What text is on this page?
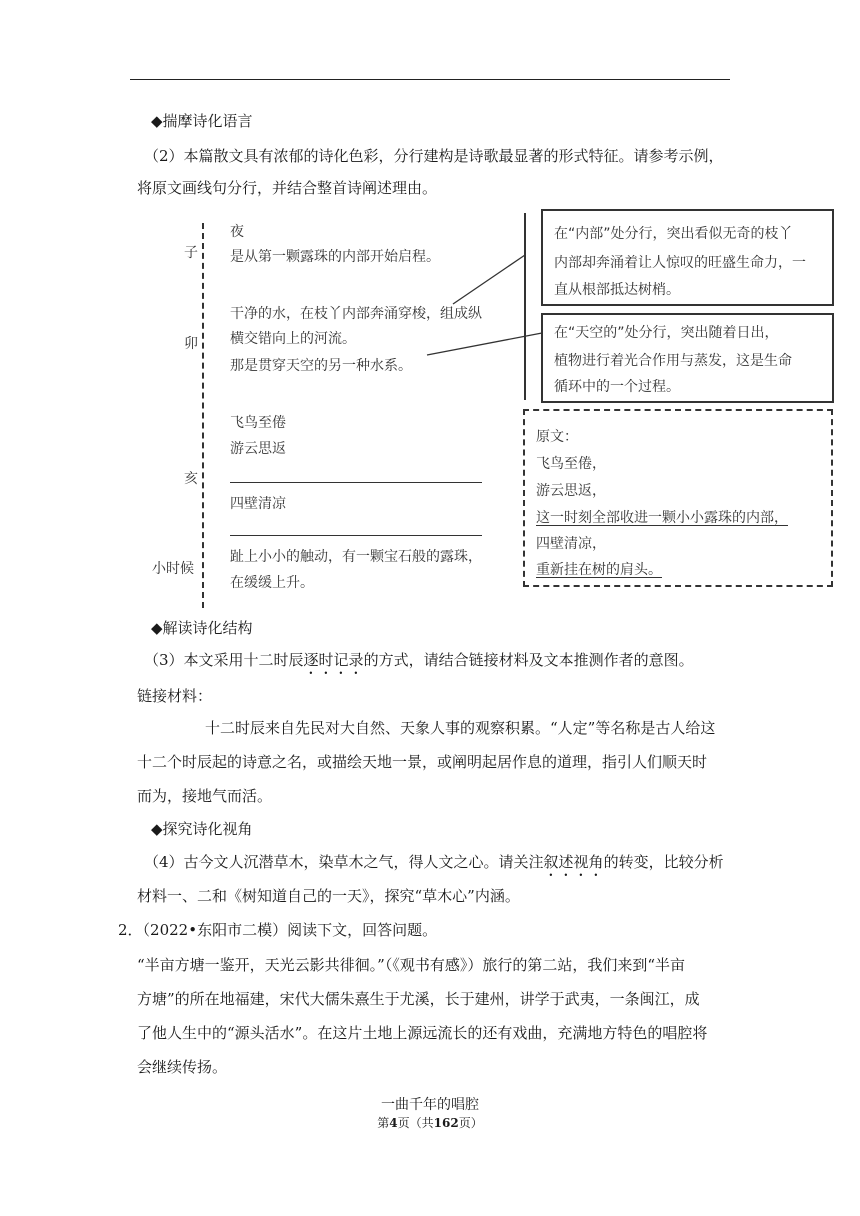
◆揣摩诗化语言
（2）本篇散文具有浓郁的诗化色彩，分行建构是诗歌最显著的形式特征。请参考示例，
将原文画线句分行，并结合整首诗阐述理由。
子
卯
亥
小时候
夜
是从第一颗露珠的内部开始启程。
干净的水，在枝丫内部奔涌穿梭，组成纵
横交错向上的河流。
那是贯穿天空的另一种水系。
飞鸟至倦
游云思返
四壁清凉
趾上小小的触动，有一颗宝石般的露珠，
在缓缓上升。
在“内部”处分行，突出看似无奇的枝丫
内部却奔涌着让人惊叹的旺盛生命力，一
直从根部抵达树梢。
在“天空的”处分行，突出随着日出，
植物进行着光合作用与蒸发，这是生命
循环中的一个过程。
原文：
飞鸟至倦，
游云思返，
这一时刻全部收进一颗小小露珠的内部，
四壁清凉，
重新挂在树的肩头。
◆解读诗化结构
（3）本文采用十二时辰逐时记录的方式，请结合链接材料及文本推测作者的意图。
链接材料：
十二时辰来自先民对大自然、天象人事的观察积累。“人定”等名称是古人给这
十二个时辰起的诗意之名，或描绘天地一景，或阐明起居作息的道理，指引人们顺天时
而为，接地气而活。
◆探究诗化视角
（4）古今文人沉潜草木，染草木之气，得人文之心。请关注叙述视角的转变，比较分析
材料一、二和《树知道自己的一天》，探究“草木心”内涵。
2．（2022•东阳市二模）阅读下文，回答问题。
“半亩方塘一鉴开，天光云影共徘徊。”（《观书有感》）旅行的第二站，我们来到“半亩
方塘”的所在地福建，宋代大儒朱熹生于尤溪，长于建州，讲学于武夷，一条闽江，成
了他人生中的“源头活水”。在这片土地上源远流长的还有戏曲，充满地方特色的唱腔将
会继续传扬。
一曲千年的唱腔
第4页（共162页）
